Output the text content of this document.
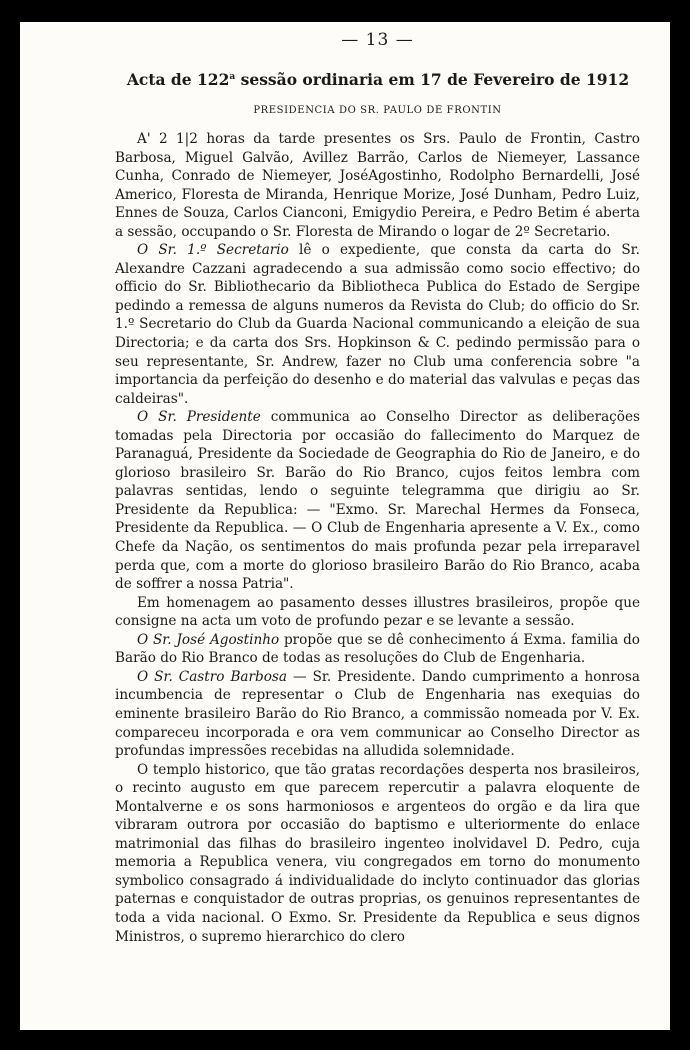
— 13 —
Acta de 122$^a$ sessão ordinaria em 17 de Fevereiro de 1912
PRESIDENCIA DO SR. PAULO DE FRONTIN

A' 2 1|2 horas da tarde presentes os Srs. Paulo de Frontin, Castro Barbosa, Miguel Galvão, Avillez Barrão, Carlos de Niemeyer, Lassance Cunha, Conrado de Niemeyer, JoséAgostinho, Rodolpho Bernardelli, José Americo, Floresta de Miranda, Henrique Morize, José Dunham, Pedro Luiz, Ennes de Souza, Carlos Cianconi, Emigydio Pereira, e Pedro Betim é aberta a sessão, occupando o Sr. Floresta de Mirando o logar de 2º Secretario.

O Sr. 1.º Secretario lê o expediente, que consta da carta do Sr. Alexandre Cazzani agradecendo a sua admissão como socio effectivo; do officio do Sr. Bibliothecario da Bibliotheca Publica do Estado de Sergipe pedindo a remessa de alguns numeros da Revista do Club; do officio do Sr. 1.º Secretario do Club da Guarda Nacional communicando a eleição de sua Directoria; e da carta dos Srs. Hopkinson & C. pedindo permissão para o seu representante, Sr. Andrew, fazer no Club uma conferencia sobre "a importancia da perfeição do desenho e do material das valvulas e peças das caldeiras".

O Sr. Presidente communica ao Conselho Director as deliberações tomadas pela Directoria por occasião do fallecimento do Marquez de Paranaguá, Presidente da Sociedade de Geographia do Rio de Janeiro, e do glorioso brasileiro Sr. Barão do Rio Branco, cujos feitos lembra com palavras sentidas, lendo o seguinte telegramma que dirigiu ao Sr. Presidente da Republica: — "Exmo. Sr. Marechal Hermes da Fonseca, Presidente da Republica. — O Club de Engenharia apresente a V. Ex., como Chefe da Nação, os sentimentos do mais profunda pezar pela irreparavel perda que, com a morte do glorioso brasileiro Barão do Rio Branco, acaba de soffrer a nossa Patria".

Em homenagem ao pasamento desses illustres brasileiros, propõe que consigne na acta um voto de profundo pezar e se levante a sessão.

O Sr. José Agostinho propõe que se dê conhecimento á Exma. familia do Barão do Rio Branco de todas as resoluções do Club de Engenharia.

O Sr. Castro Barbosa — Sr. Presidente. Dando cumprimento a honrosa incumbencia de representar o Club de Engenharia nas exequias do eminente brasileiro Barão do Rio Branco, a commissão nomeada por V. Ex. compareceu incorporada e ora vem communicar ao Conselho Director as profundas impressões recebidas na alludida solemnidade.

O templo historico, que tão gratas recordações desperta nos brasileiros, o recinto augusto em que parecem repercutir a palavra eloquente de Montalverne e os sons harmoniosos e argenteos do orgão e da lira que vibraram outrora por occasião do baptismo e ulteriormente do enlace matrimonial das filhas do brasileiro ingenteo inolvidavel D. Pedro, cuja memoria a Republica venera, viu congregados em torno do monumento symbolico consagrado á individualidade do inclyto continuador das glorias paternas e conquistador de outras proprias, os genuinos representantes de toda a vida nacional. O Exmo. Sr. Presidente da Republica e seus dignos Ministros, o supremo hierarchico do clero
